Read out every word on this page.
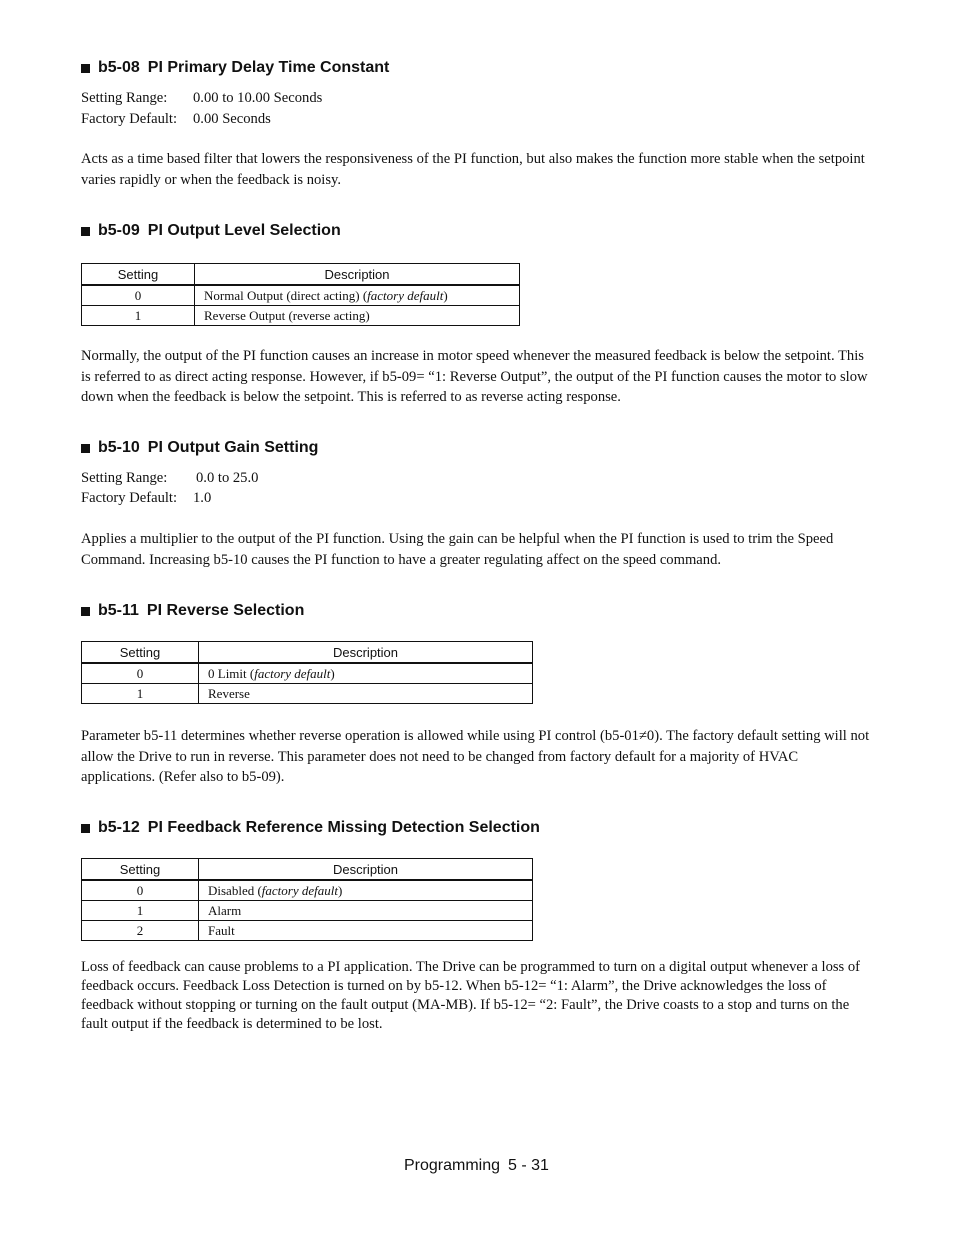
b5-08 PI Primary Delay Time Constant
Setting Range: 0.00 to 10.00 Seconds
Factory Default: 0.00 Seconds
Acts as a time based filter that lowers the responsiveness of the PI function, but also makes the function more stable when the setpoint varies rapidly or when the feedback is noisy.
b5-09 PI Output Level Selection
Setting	Description
0	Normal Output (direct acting) (factory default)
1	Reverse Output (reverse acting)
Normally, the output of the PI function causes an increase in motor speed whenever the measured feedback is below the setpoint. This is referred to as direct acting response. However, if b5-09= “1: Reverse Output”, the output of the PI function causes the motor to slow down when the feedback is below the setpoint. This is referred to as reverse acting response.
b5-10 PI Output Gain Setting
Setting Range: 0.0 to 25.0
Factory Default: 1.0
Applies a multiplier to the output of the PI function. Using the gain can be helpful when the PI function is used to trim the Speed Command. Increasing b5-10 causes the PI function to have a greater regulating affect on the speed command.
b5-11 PI Reverse Selection
Setting	Description
0	0 Limit (factory default)
1	Reverse
Parameter b5-11 determines whether reverse operation is allowed while using PI control (b5-01≠0). The factory default setting will not allow the Drive to run in reverse. This parameter does not need to be changed from factory default for a majority of HVAC applications. (Refer also to b5-09).
b5-12 PI Feedback Reference Missing Detection Selection
Setting	Description
0	Disabled (factory default)
1	Alarm
2	Fault
Loss of feedback can cause problems to a PI application. The Drive can be programmed to turn on a digital output whenever a loss of feedback occurs. Feedback Loss Detection is turned on by b5-12. When b5-12= “1: Alarm”, the Drive acknowledges the loss of feedback without stopping or turning on the fault output (MA-MB). If b5-12= “2: Fault”, the Drive coasts to a stop and turns on the fault output if the feedback is determined to be lost.
Programming 5 - 31
